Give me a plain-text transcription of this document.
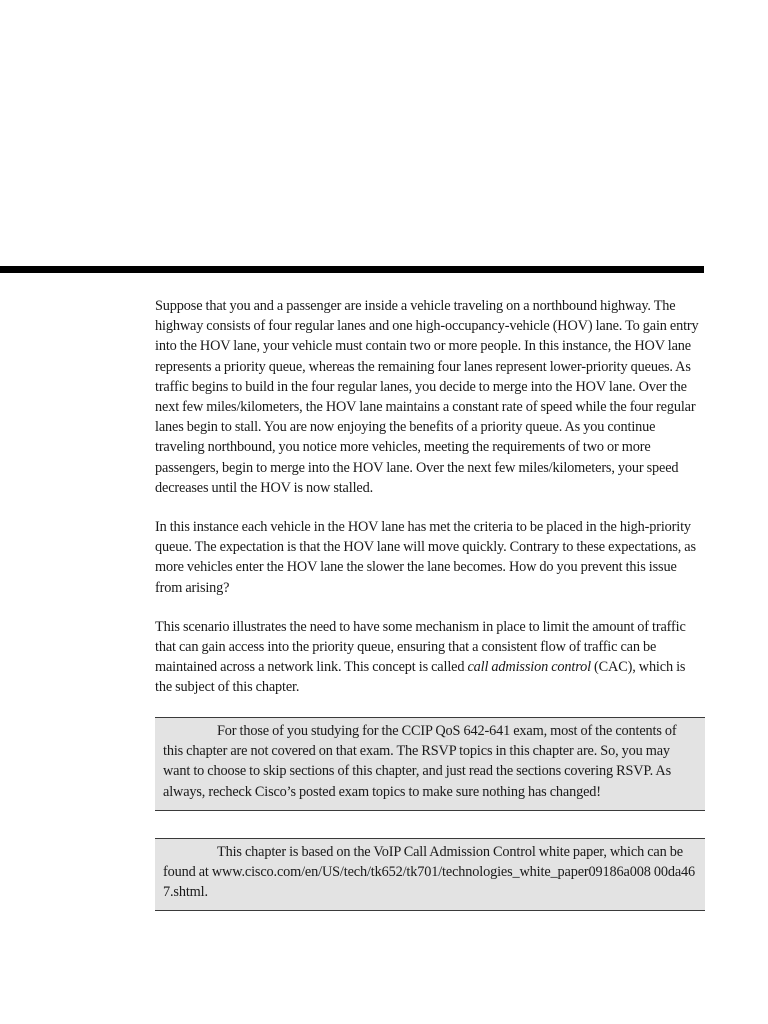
Suppose that you and a passenger are inside a vehicle traveling on a northbound highway. The highway consists of four regular lanes and one high-occupancy-vehicle (HOV) lane. To gain entry into the HOV lane, your vehicle must contain two or more people. In this instance, the HOV lane represents a priority queue, whereas the remaining four lanes represent lower-priority queues. As traffic begins to build in the four regular lanes, you decide to merge into the HOV lane. Over the next few miles/kilometers, the HOV lane maintains a constant rate of speed while the four regular lanes begin to stall. You are now enjoying the benefits of a priority queue. As you continue traveling northbound, you notice more vehicles, meeting the requirements of two or more passengers, begin to merge into the HOV lane. Over the next few miles/kilometers, your speed decreases until the HOV is now stalled.

In this instance each vehicle in the HOV lane has met the criteria to be placed in the high-priority queue. The expectation is that the HOV lane will move quickly. Contrary to these expectations, as more vehicles enter the HOV lane the slower the lane becomes. How do you prevent this issue from arising?

This scenario illustrates the need to have some mechanism in place to limit the amount of traffic that can gain access into the priority queue, ensuring that a consistent flow of traffic can be maintained across a network link. This concept is called call admission control (CAC), which is the subject of this chapter.

For those of you studying for the CCIP QoS 642-641 exam, most of the contents of this chapter are not covered on that exam. The RSVP topics in this chapter are. So, you may want to choose to skip sections of this chapter, and just read the sections covering RSVP. As always, recheck Cisco’s posted exam topics to make sure nothing has changed!
This chapter is based on the VoIP Call Admission Control white paper, which can be found at www.cisco.com/en/US/tech/tk652/tk701/technologies_white_paper09186a008 00da46 7.shtml.
